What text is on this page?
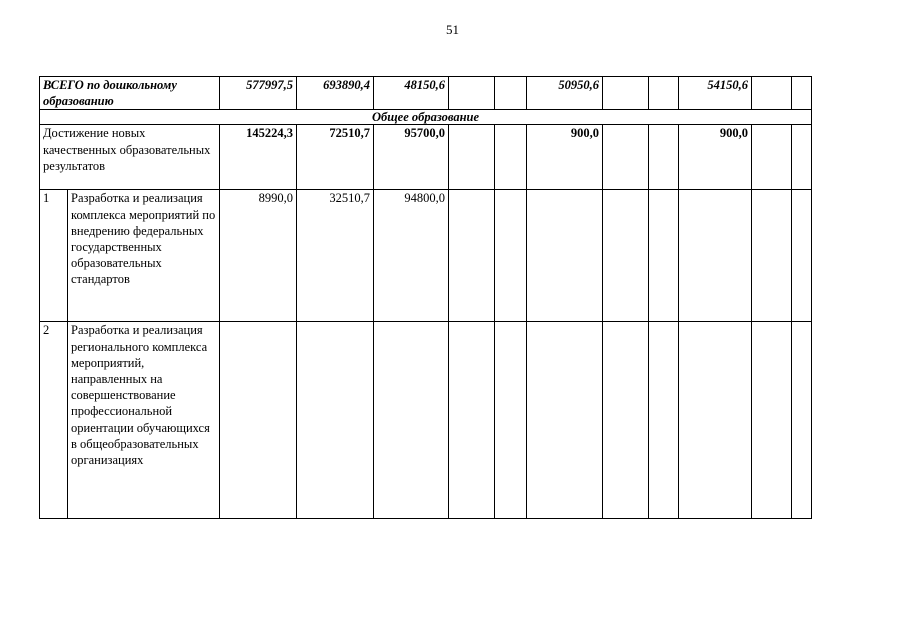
51
ВСЕГО по дошкольному образованию		577997,5	693890,4	48150,6			50950,6			54150,6		
Общее образование												
Достижение новых качественных образовательных результатов		145224,3	72510,7	95700,0			900,0			900,0		
1	Разработка и реализация комплекса мероприятий по внедрению федеральных государственных образовательных стандартов	8990,0	32510,7	94800,0								
2	Разработка и реализация регионального комплекса мероприятий, направленных на совершенствование профессиональной ориентации обучающихся в общеобразовательных организациях											
